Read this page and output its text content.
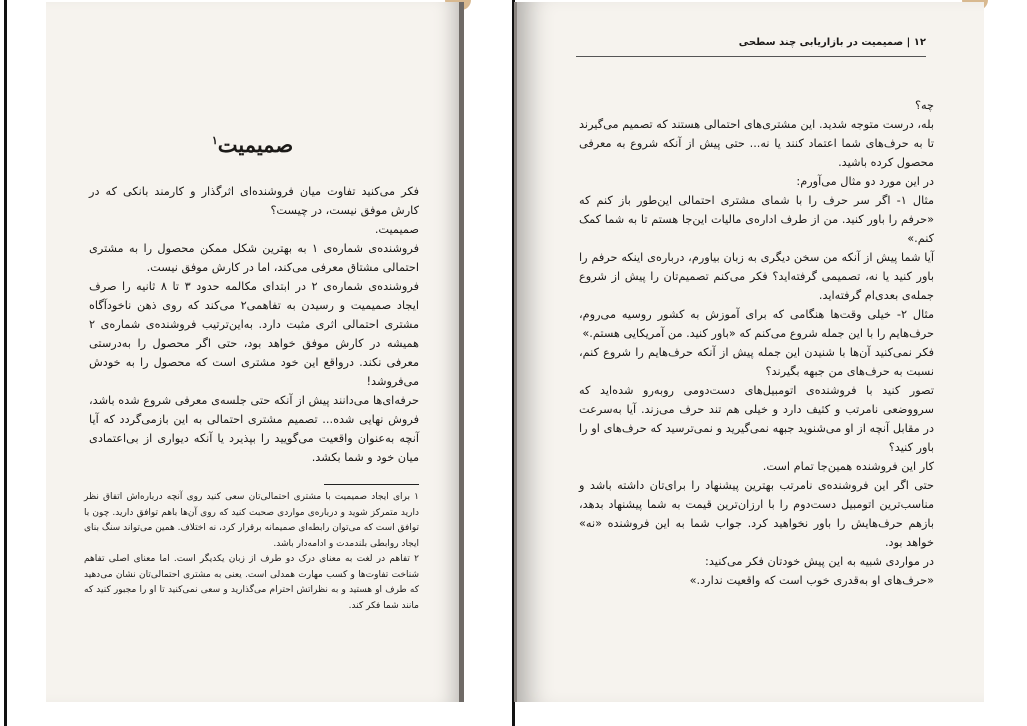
صمیمیت$^۱$

فکر می‌کنید تفاوت میان فروشنده‌ای اثرگذار و کارمند بانکی که در کارش موفق نیست، در چیست؟

صمیمیت.

فروشنده‌ی شماره‌ی ۱ به بهترین شکل ممکن محصول را به مشتری احتمالی مشتاق معرفی می‌کند، اما در کارش موفق نیست.

فروشنده‌ی شماره‌ی ۲ در ابتدای مکالمه حدود ۳ تا ۸ ثانیه را صرف ایجاد صمیمیت و رسیدن به تفاهمی۲ می‌کند که روی ذهن ناخودآگاه مشتری احتمالی اثری مثبت دارد. به‌این‌ترتیب فروشنده‌ی شماره‌ی ۲ همیشه در کارش موفق خواهد بود، حتی اگر محصول را به‌درستی معرفی نکند. درواقع این خود مشتری است که محصول را به خودش می‌فروشد!

حرفه‌ای‌ها می‌دانند پیش از آنکه حتی جلسه‌ی معرفی شروع شده باشد، فروش نهایی شده... تصمیم مشتری احتمالی به این بازمی‌گردد که آیا آنچه به‌عنوان واقعیت می‌گویید را بپذیرد یا آنکه دیواری از بی‌اعتمادی میان خود و شما بکشد.

۱ برای ایجاد صمیمیت با مشتری احتمالی‌تان سعی کنید روی آنچه درباره‌اش اتفاق نظر دارید متمرکز شوید و درباره‌ی مواردی صحبت کنید که روی آن‌ها باهم توافق دارید. چون با توافق است که می‌توان رابطه‌ای صمیمانه برقرار کرد، نه اختلاف. همین می‌تواند سنگ بنای ایجاد روابطی بلندمدت و ادامه‌دار باشد.

۲ تفاهم در لغت به معنای درک دو طرف از زبان یکدیگر است. اما معنای اصلی تفاهم شناخت تفاوت‌ها و کسب مهارت همدلی است. یعنی به مشتری احتمالی‌تان نشان می‌دهید که طرف او هستید و به نظراتش احترام می‌گذارید و سعی نمی‌کنید تا او را مجبور کنید که مانند شما فکر کند.

۱۲ | صمیمیت در بازاریابی چند سطحی

چه؟

بله، درست متوجه شدید. این مشتری‌های احتمالی هستند که تصمیم می‌گیرند تا به حرف‌های شما اعتماد کنند یا نه... حتی پیش از آنکه شروع به معرفی محصول کرده باشید.

در این مورد دو مثال می‌آورم:

مثال ۱- اگر سر حرف را با شمای مشتری احتمالی این‌طور باز کنم که «حرفم را باور کنید. من از طرف اداره‌ی مالیات این‌جا هستم تا به شما کمک کنم.»

آیا شما پیش از آنکه من سخن دیگری به زبان بیاورم، درباره‌ی اینکه حرفم را باور کنید یا نه، تصمیمی گرفته‌اید؟ فکر می‌کنم تصمیم‌تان را پیش از شروع جمله‌ی بعدی‌ام گرفته‌اید.

مثال ۲- خیلی وقت‌ها هنگامی که برای آموزش به کشور روسیه می‌روم، حرف‌هایم را با این جمله شروع می‌کنم که «باور کنید. من آمریکایی هستم.»

فکر نمی‌کنید آن‌ها با شنیدن این جمله پیش از آنکه حرف‌هایم را شروع کنم، نسبت به حرف‌های من جبهه بگیرند؟

تصور کنید با فروشنده‌ی اتومبیل‌های دست‌دومی روبه‌رو شده‌اید که سرووضعی نامرتب و کثیف دارد و خیلی هم تند حرف می‌زند. آیا به‌سرعت در مقابل آنچه از او می‌شنوید جبهه نمی‌گیرید و نمی‌ترسید که حرف‌های او را باور کنید؟

کار این فروشنده همین‌جا تمام است.

حتی اگر این فروشنده‌ی نامرتب بهترین پیشنهاد را برای‌تان داشته باشد و مناسب‌ترین اتومبیل دست‌دوم را با ارزان‌ترین قیمت به شما پیشنهاد بدهد، بازهم حرف‌هایش را باور نخواهید کرد. جواب شما به این فروشنده «نه» خواهد بود.

در مواردی شبیه به این پیش خودتان فکر می‌کنید:

«حرف‌های او به‌قدری خوب است که واقعیت ندارد.»
